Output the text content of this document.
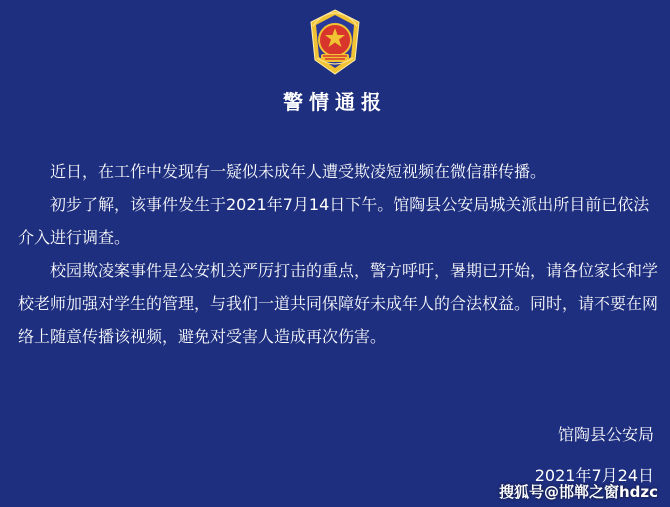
警情通报

近日，在工作中发现有一疑似未成年人遭受欺凌短视频在微信群传播。

初步了解，该事件发生于2021年7月14日下午。馆陶县公安局城关派出所目前已依法介入进行调查。

校园欺凌案事件是公安机关严厉打击的重点，警方呼吁，暑期已开始，请各位家长和学校老师加强对学生的管理，与我们一道共同保障好未成年人的合法权益。同时，请不要在网络上随意传播该视频，避免对受害人造成再次伤害。

馆陶县公安局
2021年7月24日
搜狐号@邯郸之窗hdzc
